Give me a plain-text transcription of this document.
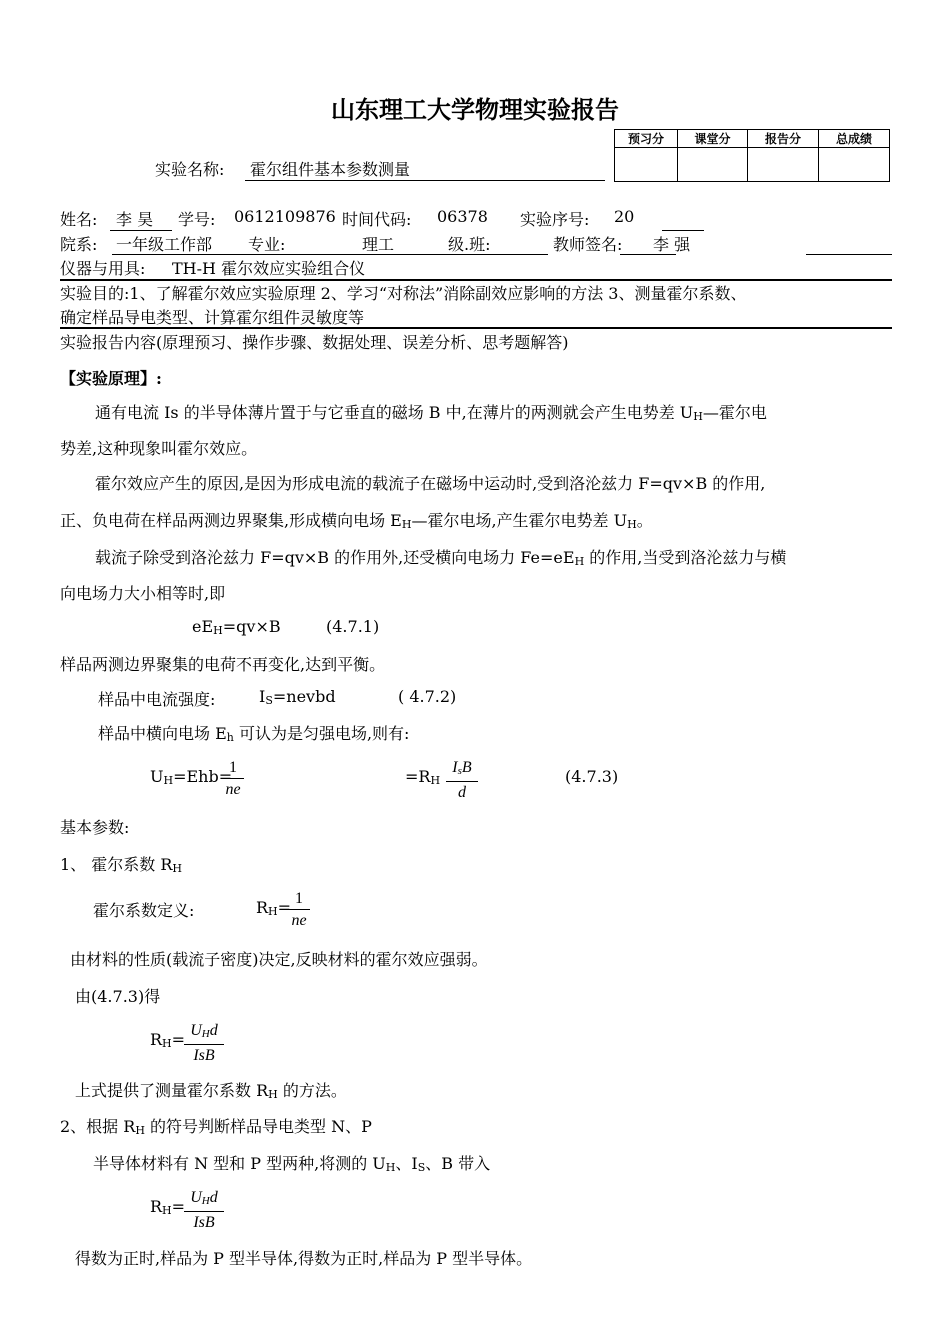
山东理工大学物理实验报告
预习分	课堂分	报告分	总成绩

实验名称: 霍尔组件基本参数测量
姓名: 李 昊 学号: 0612109876 时间代码: 06378 实验序号: 20
院系: 一年级工作部 专业:	理工	级.班:	教师签名: 李 强
仪器与用具: TH-H 霍尔效应实验组合仪
实验目的:1、了解霍尔效应实验原理 2、学习“对称法”消除副效应影响的方法 3、测量霍尔系数、
确定样品导电类型、计算霍尔组件灵敏度等
实验报告内容(原理预习、操作步骤、数据处理、误差分析、思考题解答)
【实验原理】:
通有电流 Is 的半导体薄片置于与它垂直的磁场 B 中,在薄片的两测就会产生电势差 UH—霍尔电
势差,这种现象叫霍尔效应。
霍尔效应产生的原因,是因为形成电流的载流子在磁场中运动时,受到洛沦兹力 F=qv×B 的作用,
正、负电荷在样品两测边界聚集,形成横向电场 EH—霍尔电场,产生霍尔电势差 UH。
载流子除受到洛沦兹力 F=qv×B 的作用外,还受横向电场力 Fe=eEH 的作用,当受到洛沦兹力与横
向电场力大小相等时,即
eEH=qv×B	(4.7.1)
样品两测边界聚集的电荷不再变化,达到平衡。
样品中电流强度:	IS=nevbd	( 4.7.2)
样品中横向电场 Eh 可认为是匀强电场,则有:
UH=Ehb=
1
ne
=RH
IsB
d
(4.7.3)
基本参数:
1、 霍尔系数 RH
霍尔系数定义:	RH= 1
ne
由材料的性质(载流子密度)决定,反映材料的霍尔效应强弱。
由(4.7.3)得
RH= UHd
IsB
上式提供了测量霍尔系数 RH 的方法。
2、根据 RH 的符号判断样品导电类型 N、P
半导体材料有 N 型和 P 型两种,将测的 UH、IS、B 带入
RH= UHd
IsB
得数为正时,样品为 P 型半导体,得数为正时,样品为 P 型半导体。
